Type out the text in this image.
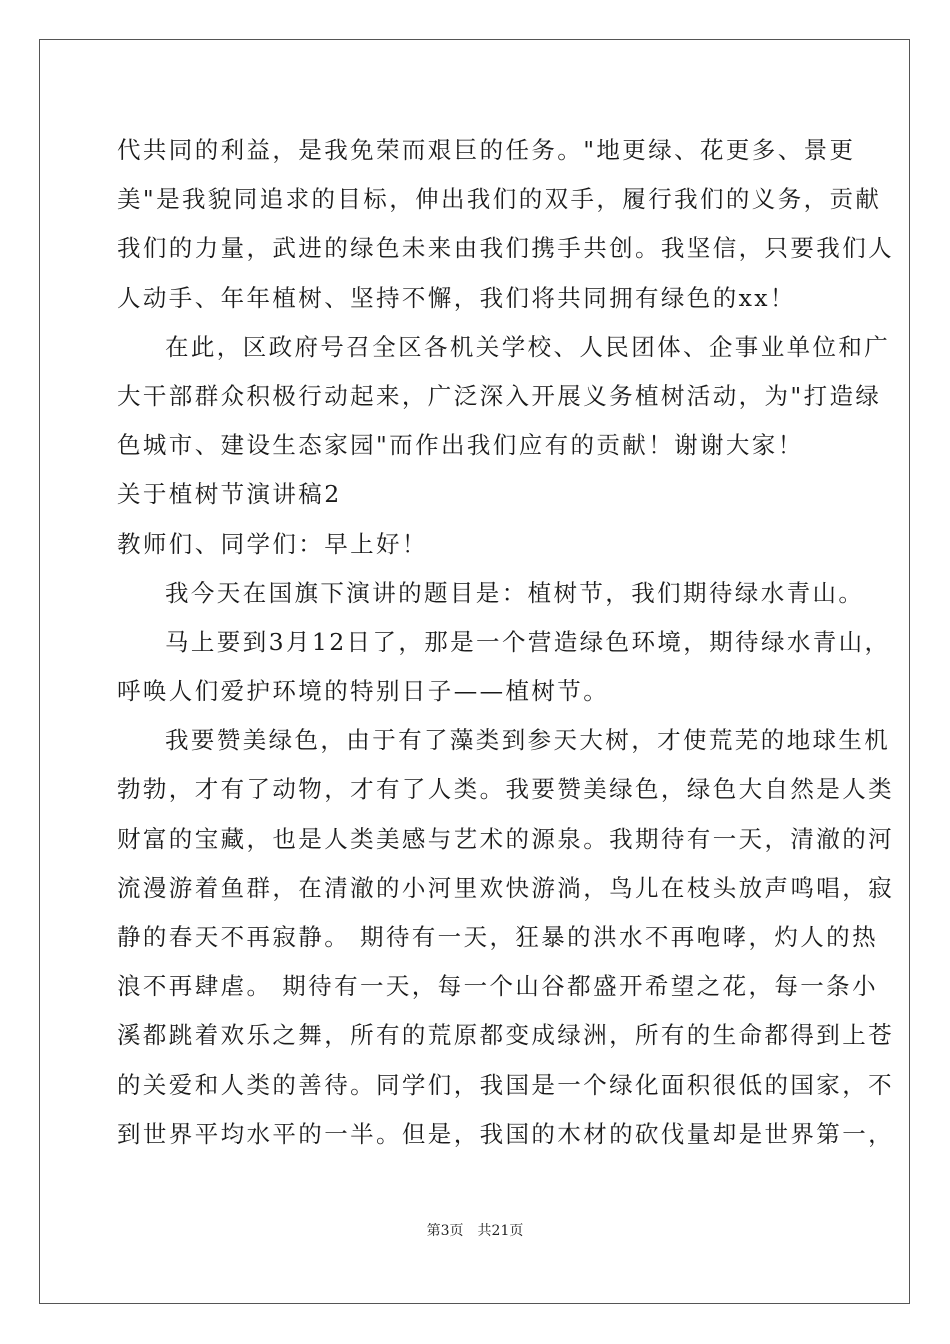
代共同的利益，是我免荣而艰巨的任务。"地更绿、花更多、景更
美"是我貌同追求的目标，伸出我们的双手，履行我们的义务，贡献
我们的力量，武进的绿色未来由我们携手共创。我坚信，只要我们人
人动手、年年植树、坚持不懈，我们将共同拥有绿色的xx！
在此，区政府号召全区各机关学校、人民团体、企事业单位和广
大干部群众积极行动起来，广泛深入开展义务植树活动，为"打造绿
色城市、建设生态家园"而作出我们应有的贡献！谢谢大家！
关于植树节演讲稿2
教师们、同学们：早上好！
我今天在国旗下演讲的题目是：植树节，我们期待绿水青山。
马上要到3月12日了，那是一个营造绿色环境，期待绿水青山，
呼唤人们爱护环境的特别日子——植树节。
我要赞美绿色，由于有了藻类到参天大树，才使荒芜的地球生机
勃勃，才有了动物，才有了人类。我要赞美绿色，绿色大自然是人类
财富的宝藏，也是人类美感与艺术的源泉。我期待有一天，清澈的河
流漫游着鱼群，在清澈的小河里欢快游淌，鸟儿在枝头放声鸣唱，寂
静的春天不再寂静。 期待有一天，狂暴的洪水不再咆哮，灼人的热
浪不再肆虐。 期待有一天，每一个山谷都盛开希望之花，每一条小
溪都跳着欢乐之舞，所有的荒原都变成绿洲，所有的生命都得到上苍
的关爱和人类的善待。同学们，我国是一个绿化面积很低的国家，不
到世界平均水平的一半。但是，我国的木材的砍伐量却是世界第一，
第3页 共21页
